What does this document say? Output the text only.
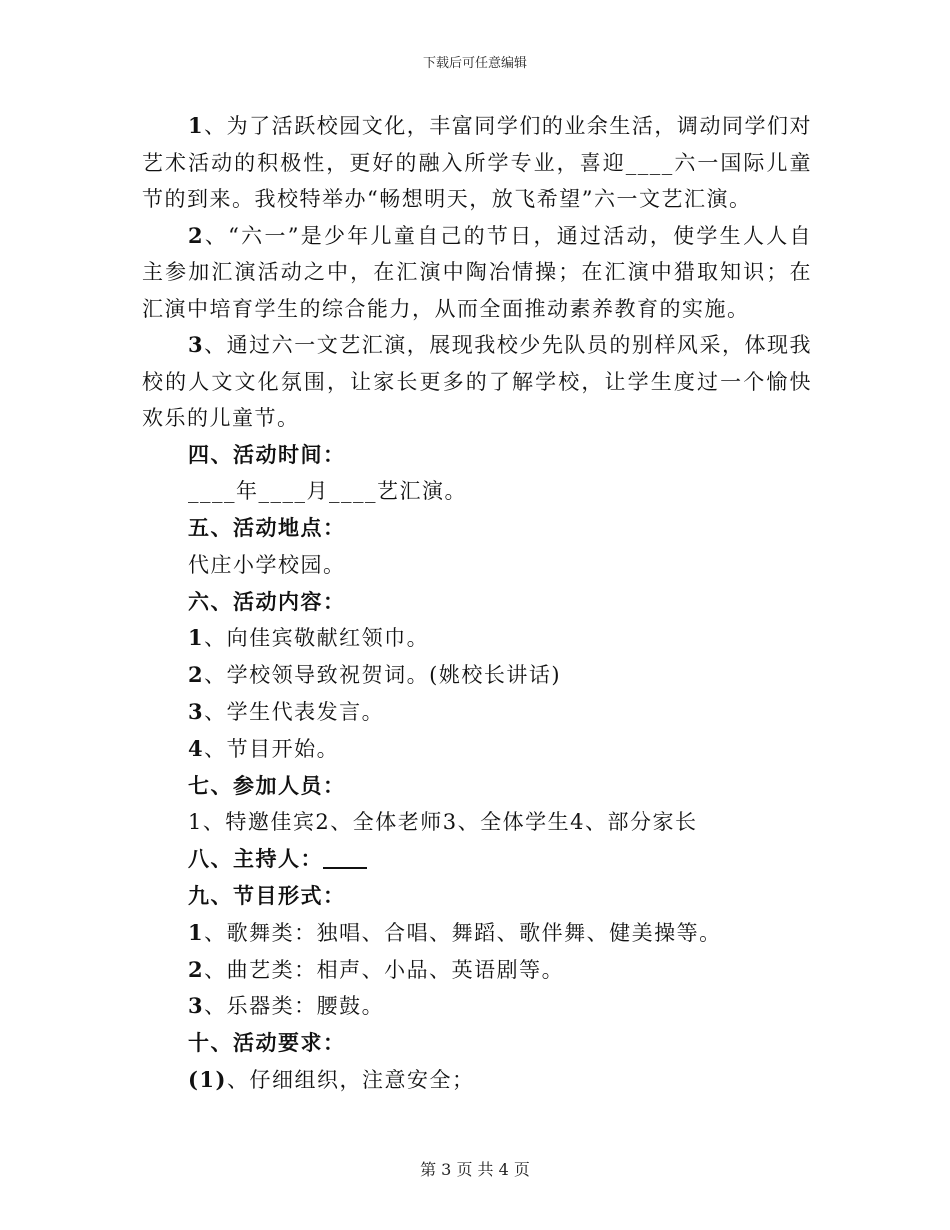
下载后可任意编辑

1、为了活跃校园文化，丰富同学们的业余生活，调动同学们对艺术活动的积极性，更好的融入所学专业，喜迎____六一国际儿童节的到来。我校特举办“畅想明天，放飞希望”六一文艺汇演。

2、“六一”是少年儿童自己的节日，通过活动，使学生人人自主参加汇演活动之中，在汇演中陶冶情操；在汇演中猎取知识；在汇演中培育学生的综合能力，从而全面推动素养教育的实施。

3、通过六一文艺汇演，展现我校少先队员的别样风采，体现我校的人文文化氛围，让家长更多的了解学校，让学生度过一个愉快欢乐的儿童节。

四、活动时间：

____年____月____艺汇演。

五、活动地点：

代庄小学校园。

六、活动内容：

1、向佳宾敬献红领巾。

2、学校领导致祝贺词。(姚校长讲话)

3、学生代表发言。

4、节目开始。

七、参加人员：

1、特邀佳宾2、全体老师3、全体学生4、部分家长

八、主持人：

九、节目形式：

1、歌舞类：独唱、合唱、舞蹈、歌伴舞、健美操等。

2、曲艺类：相声、小品、英语剧等。

3、乐器类：腰鼓。

十、活动要求：

(1)、仔细组织，注意安全；

第 3 页 共 4 页
